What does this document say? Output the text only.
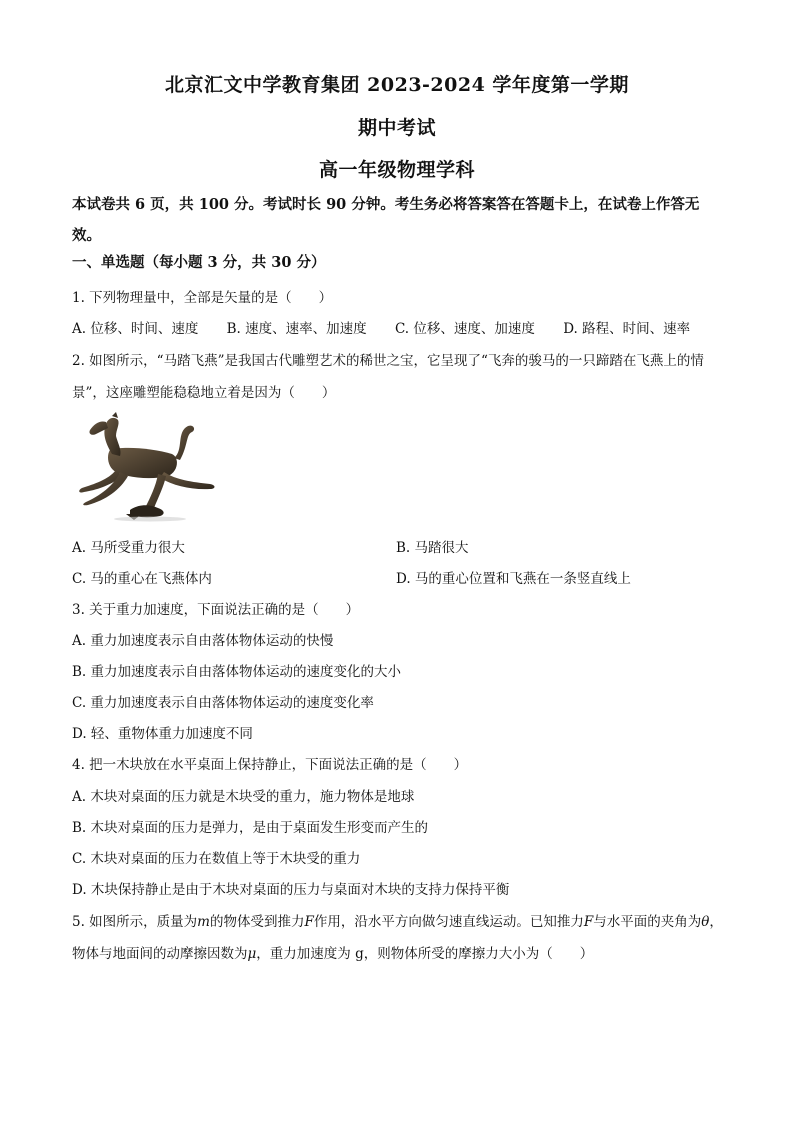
北京汇文中学教育集团 2023-2024 学年度第一学期
期中考试
高一年级物理学科
本试卷共 6 页，共 100 分。考试时长 90 分钟。考生务必将答案答在答题卡上，在试卷上作答无效。
一、单选题（每小题 3 分，共 30 分）
1. 下列物理量中，全部是矢量的是（　　）
A. 位移、时间、速度 B. 速度、速率、加速度 C. 位移、速度、加速度 D. 路程、时间、速率
2. 如图所示，“马踏飞燕”是我国古代雕塑艺术的稀世之宝，它呈现了“飞奔的骏马的一只蹄踏在飞燕上的情景”，这座雕塑能稳稳地立着是因为（　　）
A. 马所受重力很大	B. 马踏很大
C. 马的重心在飞燕体内	D. 马的重心位置和飞燕在一条竖直线上
3. 关于重力加速度，下面说法正确的是（　　）
A. 重力加速度表示自由落体物体运动的快慢
B. 重力加速度表示自由落体物体运动的速度变化的大小
C. 重力加速度表示自由落体物体运动的速度变化率
D. 轻、重物体重力加速度不同
4. 把一木块放在水平桌面上保持静止，下面说法正确的是（　　）
A. 木块对桌面的压力就是木块受的重力，施力物体是地球
B. 木块对桌面的压力是弹力，是由于桌面发生形变而产生的
C. 木块对桌面的压力在数值上等于木块受的重力
D. 木块保持静止是由于木块对桌面的压力与桌面对木块的支持力保持平衡
5. 如图所示，质量为m的物体受到推力F作用，沿水平方向做匀速直线运动。已知推力F与水平面的夹角为θ，物体与地面间的动摩擦因数为μ，重力加速度为 g，则物体所受的摩擦力大小为（　　）
